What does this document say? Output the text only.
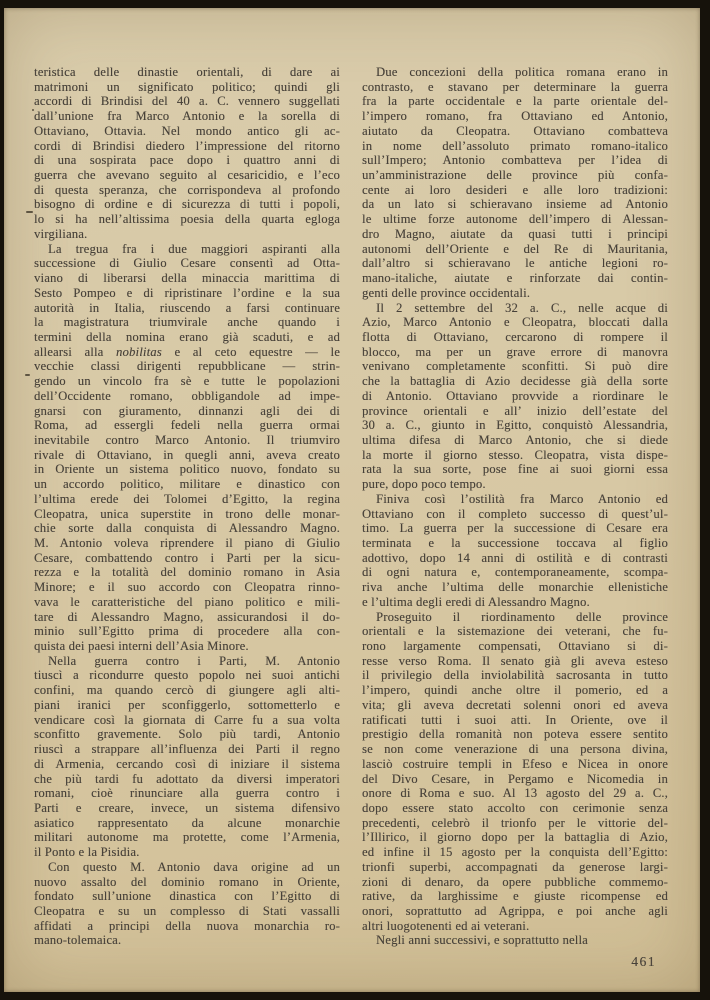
teristica delle dinastie orientali, di dare ai
matrimoni un significato politico; quindi gli
accordi di Brindisi del 40 a. C. vennero suggellati
dall’unione fra Marco Antonio e la sorella di
Ottaviano, Ottavia. Nel mondo antico gli ac-
cordi di Brindisi diedero l’impressione del ritorno
di una sospirata pace dopo i quattro anni di
guerra che avevano seguito al cesaricidio, e l’eco
di questa speranza, che corrispondeva al profondo
bisogno di ordine e di sicurezza di tutti i popoli,
lo si ha nell’altissima poesia della quarta egloga
virgiliana.
La tregua fra i due maggiori aspiranti alla
successione di Giulio Cesare consentì ad Otta-
viano di liberarsi della minaccia marittima di
Sesto Pompeo e di ripristinare l’ordine e la sua
autorità in Italia, riuscendo a farsi continuare
la magistratura triumvirale anche quando i
termini della nomina erano già scaduti, e ad
allearsi alla nobilitas e al ceto equestre — le
vecchie classi dirigenti repubblicane — strin-
gendo un vincolo fra sè e tutte le popolazioni
dell’Occidente romano, obbligandole ad impe-
gnarsi con giuramento, dinnanzi agli dei di
Roma, ad essergli fedeli nella guerra ormai
inevitabile contro Marco Antonio. Il triumviro
rivale di Ottaviano, in quegli anni, aveva creato
in Oriente un sistema politico nuovo, fondato su
un accordo politico, militare e dinastico con
l’ultima erede dei Tolomei d’Egitto, la regina
Cleopatra, unica superstite in trono delle monar-
chie sorte dalla conquista di Alessandro Magno.
M. Antonio voleva riprendere il piano di Giulio
Cesare, combattendo contro i Parti per la sicu-
rezza e la totalità del dominio romano in Asia
Minore; e il suo accordo con Cleopatra rinno-
vava le caratteristiche del piano politico e mili-
tare di Alessandro Magno, assicurandosi il do-
minio sull’Egitto prima di procedere alla con-
quista dei paesi interni dell’Asia Minore.
Nella guerra contro i Parti, M. Antonio
tiuscì a ricondurre questo popolo nei suoi antichi
confini, ma quando cercò di giungere agli alti-
piani iranici per sconfiggerlo, sottometterlo e
vendicare così la giornata di Carre fu a sua volta
sconfitto gravemente. Solo più tardi, Antonio
riuscì a strappare all’influenza dei Parti il regno
di Armenia, cercando così di iniziare il sistema
che più tardi fu adottato da diversi imperatori
romani, cioè rinunciare alla guerra contro i
Parti e creare, invece, un sistema difensivo
asiatico rappresentato da alcune monarchie
militari autonome ma protette, come l’Armenia,
il Ponto e la Pisidia.
Con questo M. Antonio dava origine ad un
nuovo assalto del dominio romano in Oriente,
fondato sull’unione dinastica con l’Egitto di
Cleopatra e su un complesso di Stati vassalli
affidati a principi della nuova monarchia ro-
mano-tolemaica.
Due concezioni della politica romana erano in
contrasto, e stavano per determinare la guerra
fra la parte occidentale e la parte orientale del-
l’impero romano, fra Ottaviano ed Antonio,
aiutato da Cleopatra. Ottaviano combatteva
in nome dell’assoluto primato romano-italico
sull’Impero; Antonio combatteva per l’idea di
un’amministrazione delle province più confa-
cente ai loro desideri e alle loro tradizioni:
da un lato si schieravano insieme ad Antonio
le ultime forze autonome dell’impero di Alessan-
dro Magno, aiutate da quasi tutti i principi
autonomi dell’Oriente e del Re di Mauritania,
dall’altro si schieravano le antiche legioni ro-
mano-italiche, aiutate e rinforzate dai contin-
genti delle province occidentali.
Il 2 settembre del 32 a. C., nelle acque di
Azio, Marco Antonio e Cleopatra, bloccati dalla
flotta di Ottaviano, cercarono di rompere il
blocco, ma per un grave errore di manovra
venivano completamente sconfitti. Si può dire
che la battaglia di Azio decidesse già della sorte
di Antonio. Ottaviano provvide a riordinare le
province orientali e all’ inizio dell’estate del
30 a. C., giunto in Egitto, conquistò Alessandria,
ultima difesa di Marco Antonio, che si diede
la morte il giorno stesso. Cleopatra, vista dispe-
rata la sua sorte, pose fine ai suoi giorni essa
pure, dopo poco tempo.
Finiva così l’ostilità fra Marco Antonio ed
Ottaviano con il completo successo di quest’ul-
timo. La guerra per la successione di Cesare era
terminata e la successione toccava al figlio
adottivo, dopo 14 anni di ostilità e di contrasti
di ogni natura e, contemporaneamente, scompa-
riva anche l’ultima delle monarchie ellenistiche
e l’ultima degli eredi di Alessandro Magno.
Proseguito il riordinamento delle province
orientali e la sistemazione dei veterani, che fu-
rono largamente compensati, Ottaviano si di-
resse verso Roma. Il senato già gli aveva esteso
il privilegio della inviolabilità sacrosanta in tutto
l’impero, quindi anche oltre il pomerio, ed a
vita; gli aveva decretati solenni onori ed aveva
ratificati tutti i suoi atti. In Oriente, ove il
prestigio della romanità non poteva essere sentito
se non come venerazione di una persona divina,
lasciò costruire templi in Efeso e Nicea in onore
del Divo Cesare, in Pergamo e Nicomedia in
onore di Roma e suo. Al 13 agosto del 29 a. C.,
dopo essere stato accolto con cerimonie senza
precedenti, celebrò il trionfo per le vittorie del-
l’Illirico, il giorno dopo per la battaglia di Azio,
ed infine il 15 agosto per la conquista dell’Egitto:
trionfi superbi, accompagnati da generose largi-
zioni di denaro, da opere pubbliche commemo-
rative, da larghissime e giuste ricompense ed
onori, soprattutto ad Agrippa, e poi anche agli
altri luogotenenti ed ai veterani.
Negli anni successivi, e soprattutto nella
461
